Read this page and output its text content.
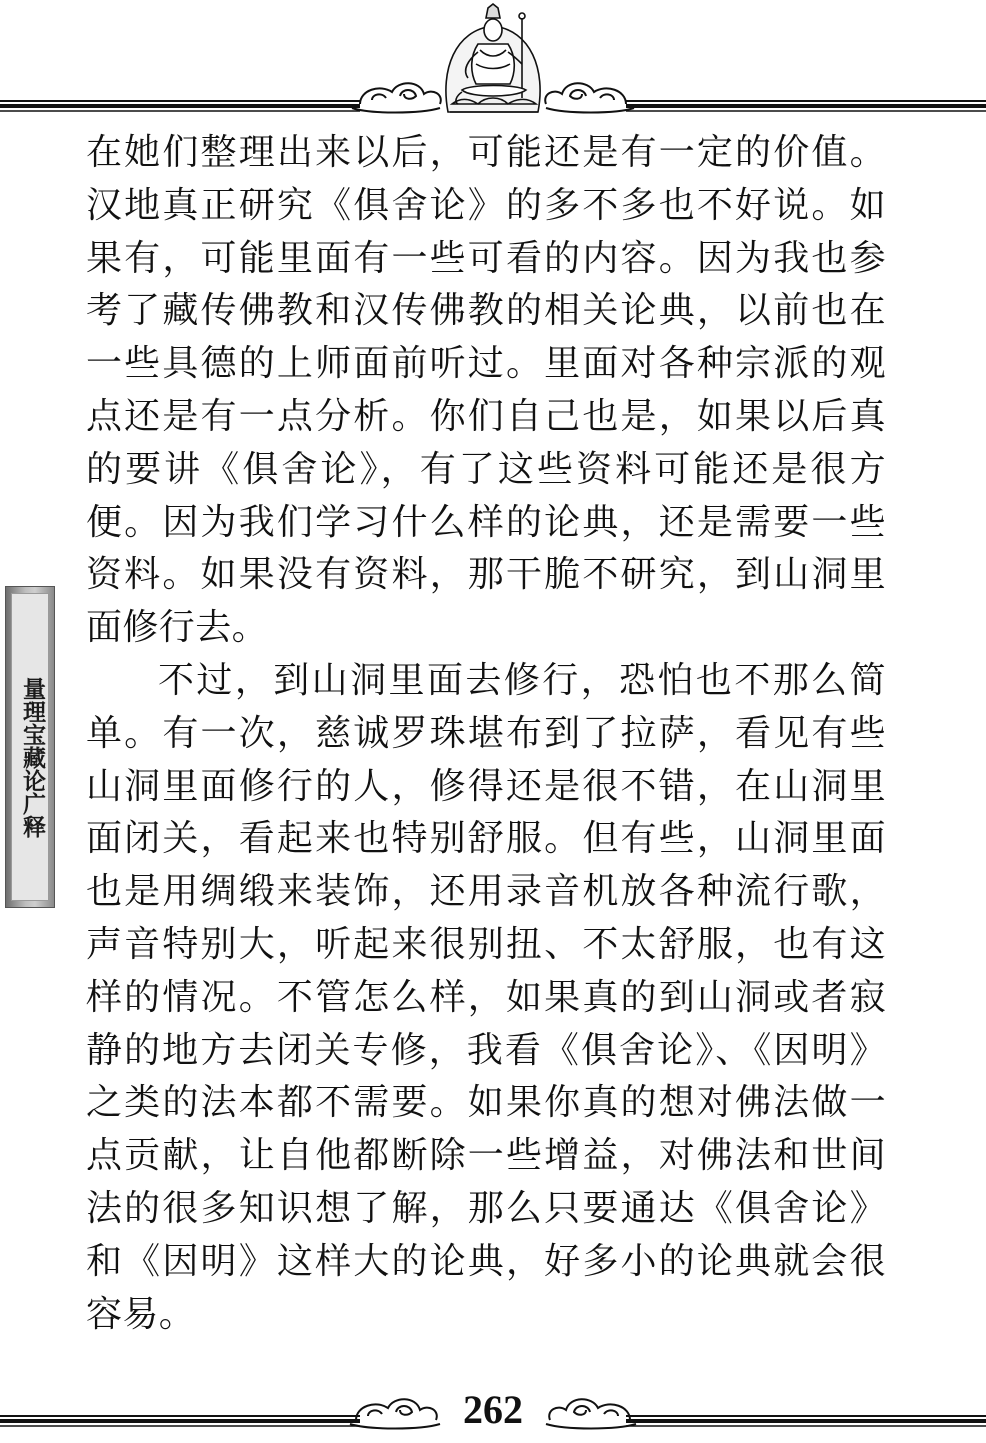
量理宝藏论广释

在她们整理出来以后，可能还是有一定的价值。汉地真正研究《俱舍论》的多不多也不好说。如果有，可能里面有一些可看的内容。因为我也参考了藏传佛教和汉传佛教的相关论典，以前也在一些具德的上师面前听过。里面对各种宗派的观点还是有一点分析。你们自己也是，如果以后真的要讲《俱舍论》，有了这些资料可能还是很方便。因为我们学习什么样的论典，还是需要一些资料。如果没有资料，那干脆不研究，到山洞里面修行去。

不过，到山洞里面去修行，恐怕也不那么简单。有一次，慈诚罗珠堪布到了拉萨，看见有些山洞里面修行的人，修得还是很不错，在山洞里面闭关，看起来也特别舒服。但有些，山洞里面也是用绸缎来装饰，还用录音机放各种流行歌，声音特别大，听起来很别扭、不太舒服，也有这样的情况。不管怎么样，如果真的到山洞或者寂静的地方去闭关专修，我看《俱舍论》、《因明》之类的法本都不需要。如果你真的想对佛法做一点贡献，让自他都断除一些增益，对佛法和世间法的很多知识想了解，那么只要通达《俱舍论》和《因明》这样大的论典，好多小的论典就会很容易。

262
